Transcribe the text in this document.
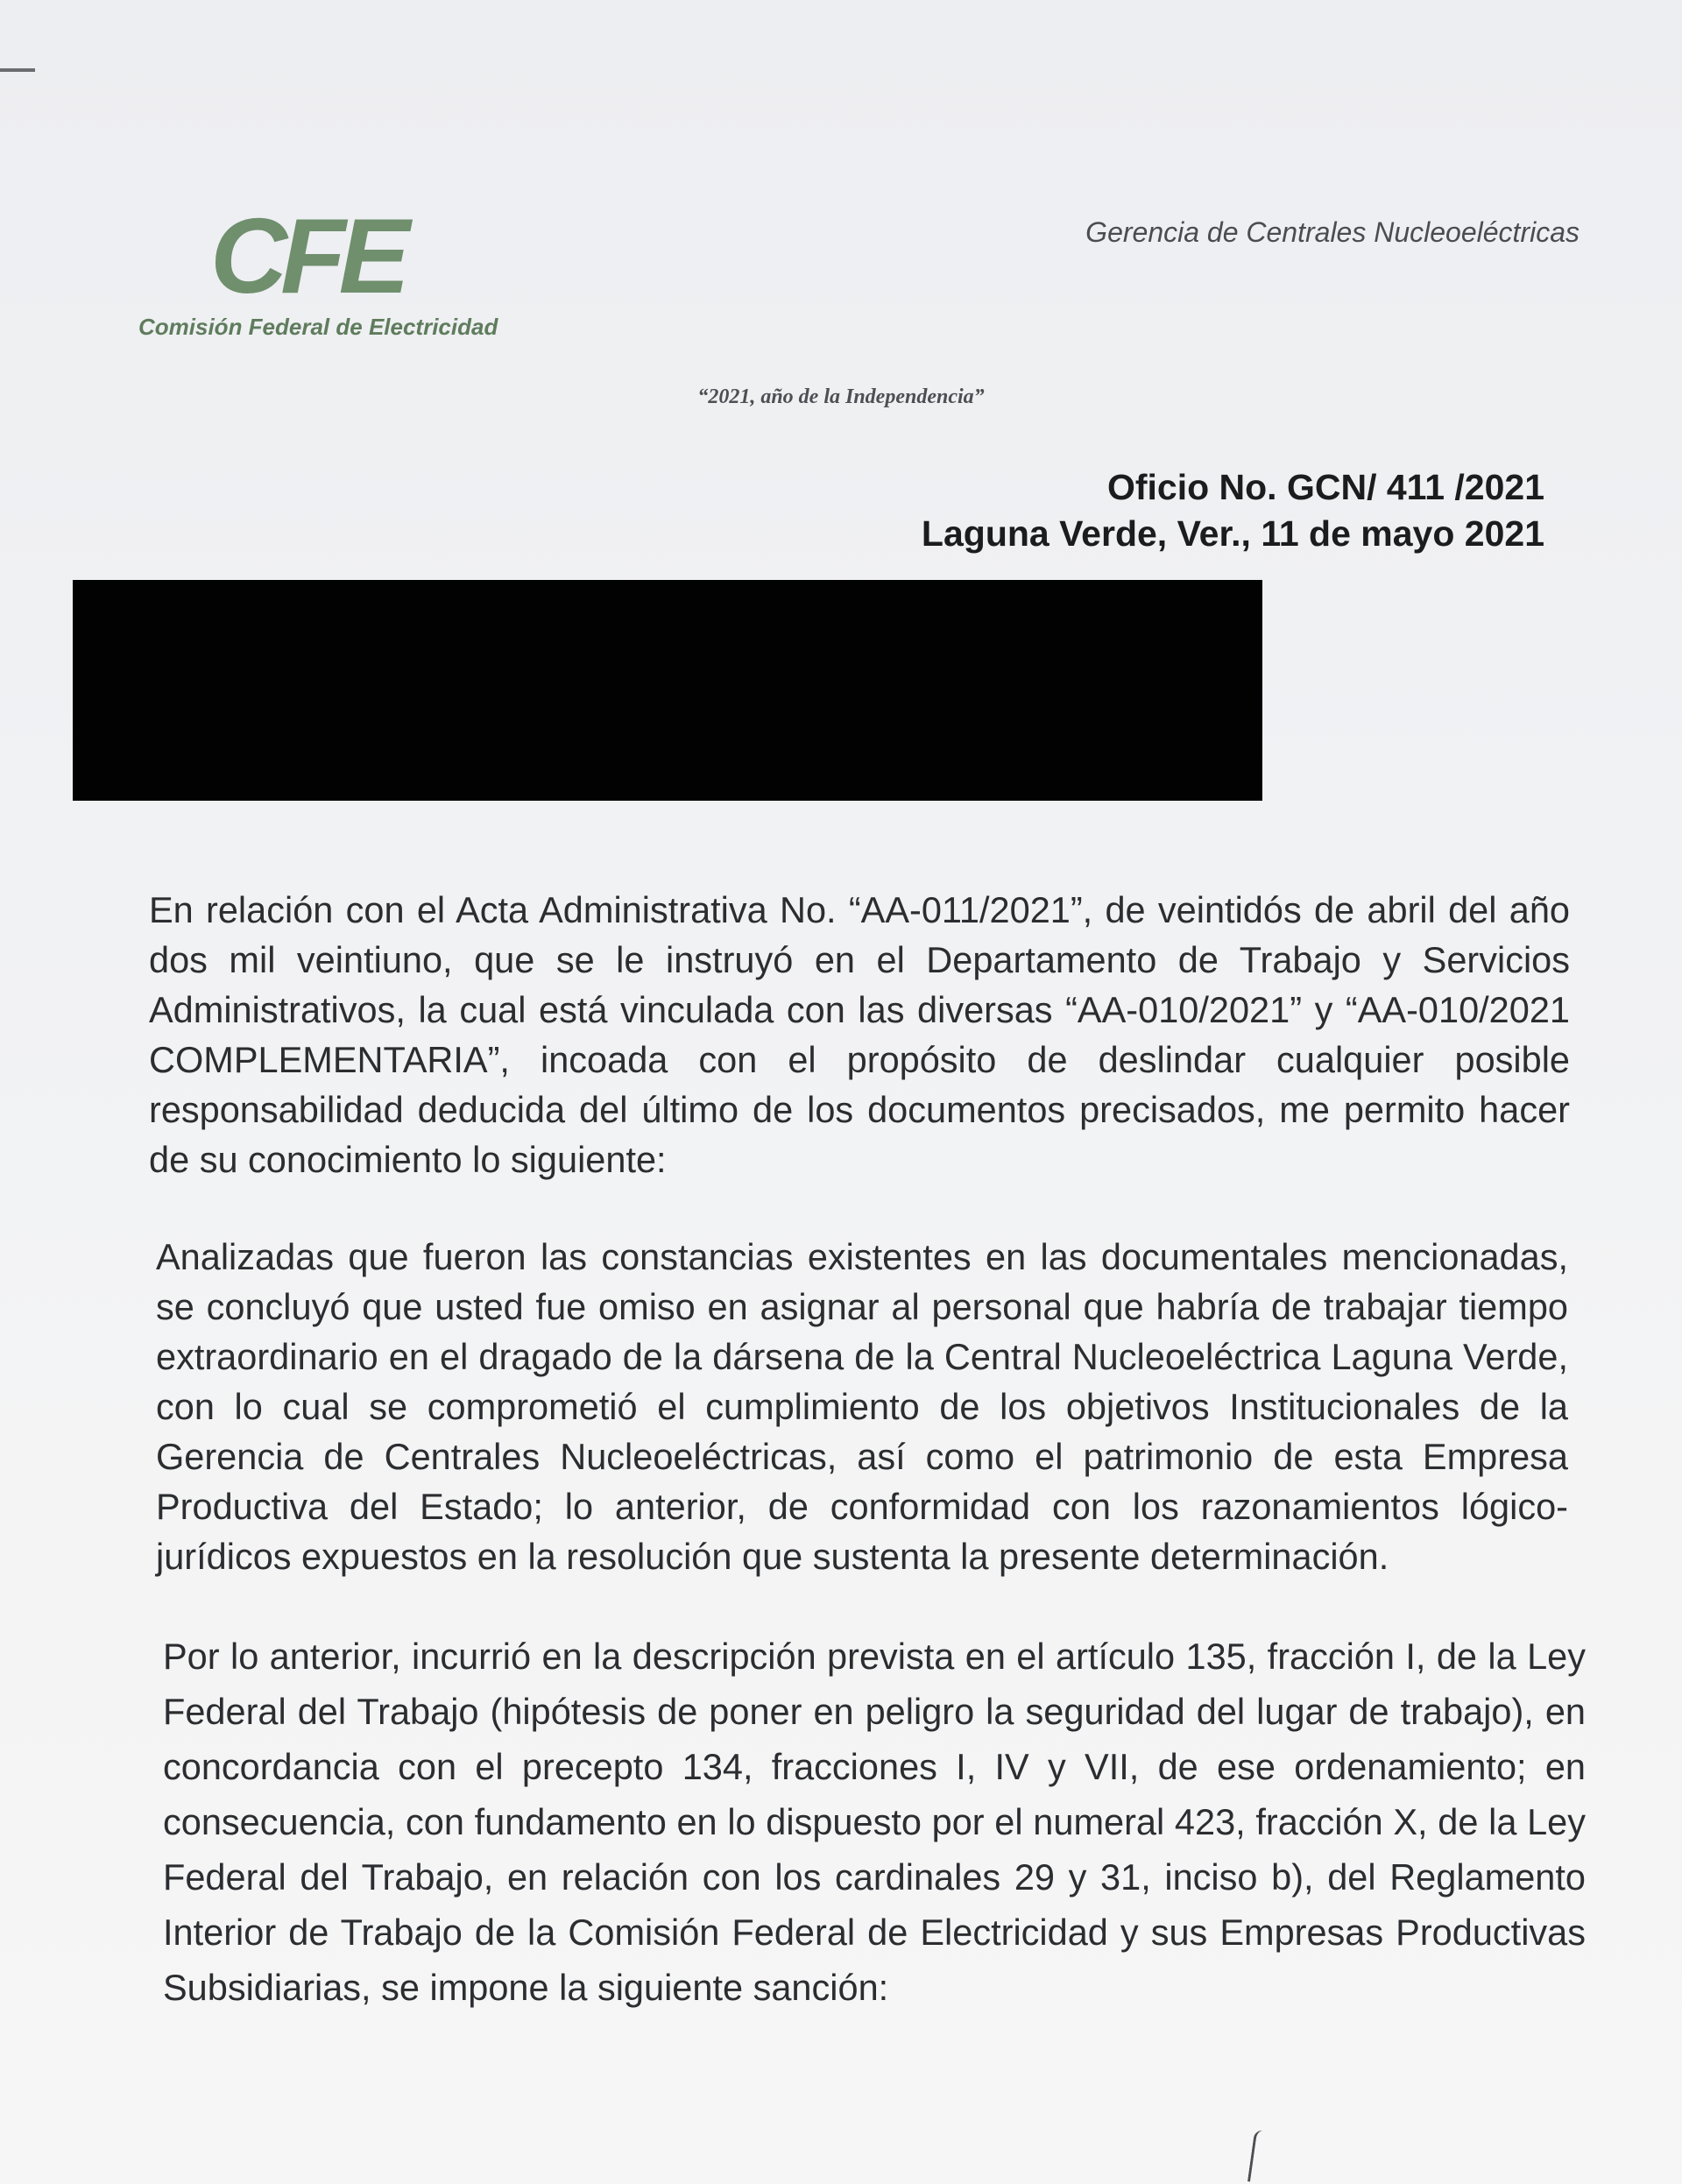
CFE
Comisión Federal de Electricidad
Gerencia de Centrales Nucleoeléctricas
“2021, año de la Independencia”
Oficio No. GCN/ 411 /2021
Laguna Verde, Ver., 11 de mayo 2021

En relación con el Acta Administrativa No. “AA-011/2021”, de veintidós de abril del año dos mil veintiuno, que se le instruyó en el Departamento de Trabajo y Servicios Administrativos, la cual está vinculada con las diversas “AA-010/2021” y “AA-010/2021 COMPLEMENTARIA”, incoada con el propósito de deslindar cualquier posible responsabilidad deducida del último de los documentos precisados, me permito hacer de su conocimiento lo siguiente:

Analizadas que fueron las constancias existentes en las documentales mencionadas, se concluyó que usted fue omiso en asignar al personal que habría de trabajar tiempo extraordinario en el dragado de la dársena de la Central Nucleoeléctrica Laguna Verde, con lo cual se comprometió el cumplimiento de los objetivos Institucionales de la Gerencia de Centrales Nucleoeléctricas, así como el patrimonio de esta Empresa Productiva del Estado; lo anterior, de conformidad con los razonamientos lógico-jurídicos expuestos en la resolución que sustenta la presente determinación.

Por lo anterior, incurrió en la descripción prevista en el artículo 135, fracción I, de la Ley Federal del Trabajo (hipótesis de poner en peligro la seguridad del lugar de trabajo), en concordancia con el precepto 134, fracciones I, IV y VII, de ese ordenamiento; en consecuencia, con fundamento en lo dispuesto por el numeral 423, fracción X, de la Ley Federal del Trabajo, en relación con los cardinales 29 y 31, inciso b), del Reglamento Interior de Trabajo de la Comisión Federal de Electricidad y sus Empresas Productivas Subsidiarias, se impone la siguiente sanción:
